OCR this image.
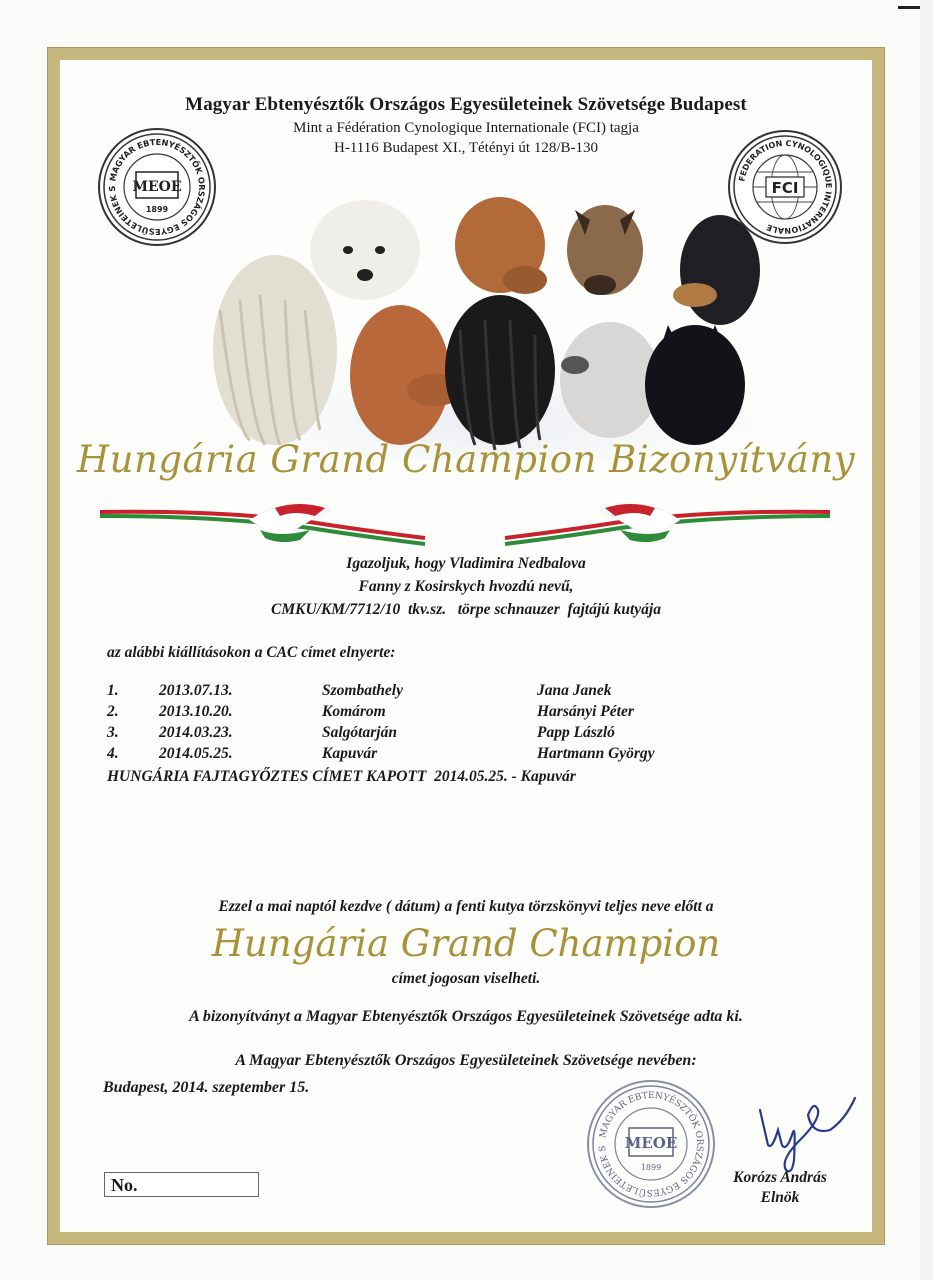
Magyar Ebtenyésztők Országos Egyesületeinek Szövetsége Budapest
Mint a Fédération Cynologique Internationale (FCI) tagja
H-1116 Budapest XI., Tétényi út 128/B-130
MAGYAR EBTENYÉSZTŐK ORSZÁGOS EGYESÜLETEINEK S	MEOE
1899
FCI
FEDERATION CYNOLOGIQUE INTERNATIONALE
Hungária Grand Champion Bizonyítvány
Igazoljuk, hogy Vladimira Nedbalova
Fanny z Kosirskych hvozdú nevű,
CMKU/KM/7712/10  tkv.sz.   törpe schnauzer  fajtájú kutyája
az alábbi kiállításokon a CAC címet elnyerte:
1.	2013.07.13.	Szombathely	Jana Janek
2.	2013.10.20.	Komárom	Harsányi Péter
3.	2014.03.23.	Salgótarján	Papp László
4.	2014.05.25.	Kapuvár	Hartmann György
HUNGÁRIA FAJTAGYŐZTES CÍMET KAPOTT  2014.05.25. - Kapuvár
Ezzel a mai naptól kezdve ( dátum) a fenti kutya törzskönyvi teljes neve előtt a
Hungária Grand Champion
címet jogosan viselheti.
A bizonyítványt a Magyar Ebtenyésztők Országos Egyesületeinek Szövetsége adta ki.
A Magyar Ebtenyésztők Országos Egyesületeinek Szövetsége nevében:
Budapest, 2014. szeptember 15.
MAGYAR EBTENYÉSZTŐK ORSZÁGOS EGYESÜLETEINEK S	MEOE
1899
Korózs András
Elnök
No.
